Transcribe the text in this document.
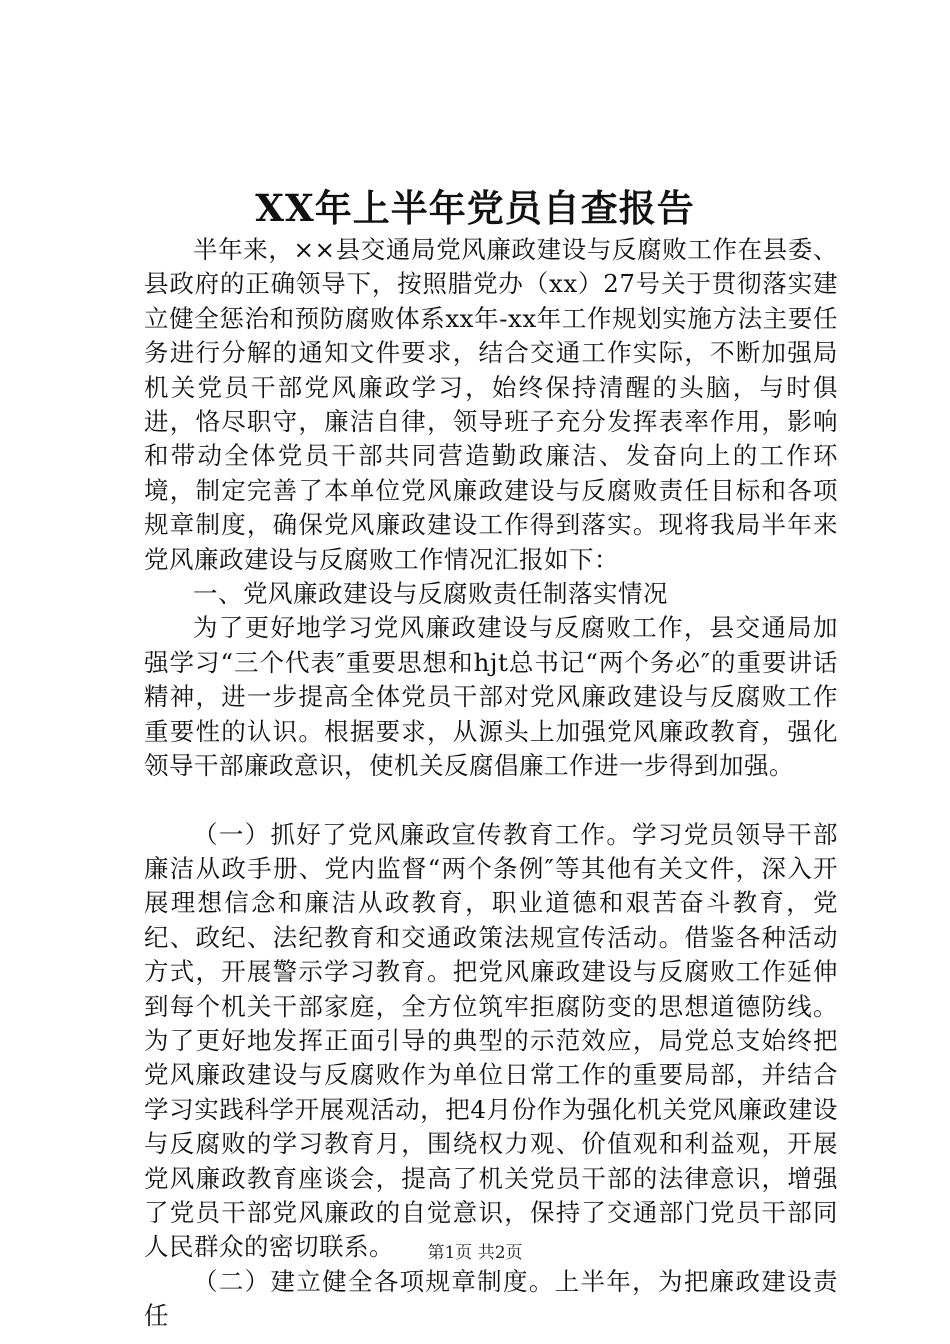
XX年上半年党员自查报告

半年来，××县交通局党风廉政建设与反腐败工作在县委、县政府的正确领导下，按照腊党办（xx）27号关于贯彻落实建立健全惩治和预防腐败体系xx年-xx年工作规划实施方法主要任务进行分解的通知文件要求，结合交通工作实际，不断加强局机关党员干部党风廉政学习，始终保持清醒的头脑，与时俱进，恪尽职守，廉洁自律，领导班子充分发挥表率作用，影响和带动全体党员干部共同营造勤政廉洁、发奋向上的工作环境，制定完善了本单位党风廉政建设与反腐败责任目标和各项规章制度，确保党风廉政建设工作得到落实。现将我局半年来党风廉政建设与反腐败工作情况汇报如下：

一、党风廉政建设与反腐败责任制落实情况

为了更好地学习党风廉政建设与反腐败工作，县交通局加强学习“三个代表″重要思想和hjt总书记“两个务必″的重要讲话精神，进一步提高全体党员干部对党风廉政建设与反腐败工作重要性的认识。根据要求，从源头上加强党风廉政教育，强化领导干部廉政意识，使机关反腐倡廉工作进一步得到加强。

（一）抓好了党风廉政宣传教育工作。学习党员领导干部廉洁从政手册、党内监督“两个条例″等其他有关文件，深入开展理想信念和廉洁从政教育，职业道德和艰苦奋斗教育，党纪、政纪、法纪教育和交通政策法规宣传活动。借鉴各种活动方式，开展警示学习教育。把党风廉政建设与反腐败工作延伸到每个机关干部家庭，全方位筑牢拒腐防变的思想道德防线。为了更好地发挥正面引导的典型的示范效应，局党总支始终把党风廉政建设与反腐败作为单位日常工作的重要局部，并结合学习实践科学开展观活动，把4月份作为强化机关党风廉政建设与反腐败的学习教育月，围绕权力观、价值观和利益观，开展党风廉政教育座谈会，提高了机关党员干部的法律意识，增强了党员干部党风廉政的自觉意识，保持了交通部门党员干部同人民群众的密切联系。

（二）建立健全各项规章制度。上半年，为把廉政建设责任

第1页 共2页
